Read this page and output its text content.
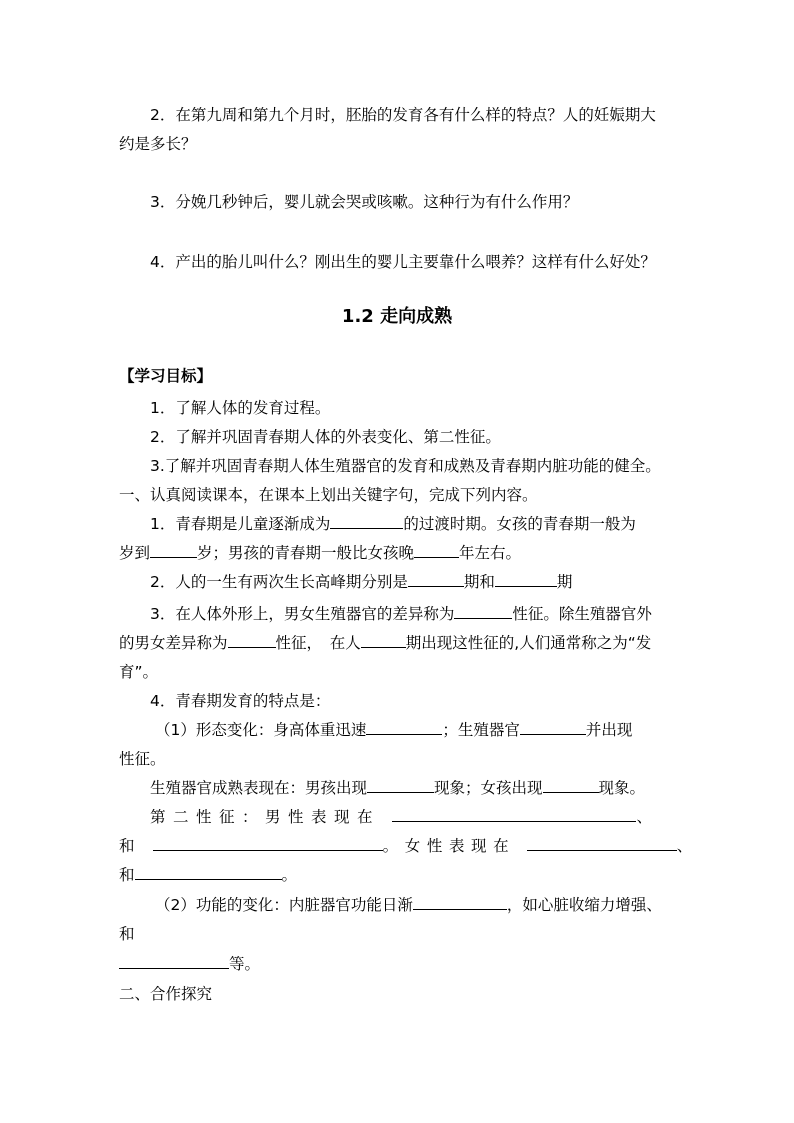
2．在第九周和第九个月时，胚胎的发育各有什么样的特点？人的妊娠期大
约是多长？
3．分娩几秒钟后，婴儿就会哭或咳嗽。这种行为有什么作用？
4．产出的胎儿叫什么？刚出生的婴儿主要靠什么喂养？这样有什么好处？
1.2 走向成熟
【学习目标】
1．了解人体的发育过程。
2．了解并巩固青春期人体的外表变化、第二性征。
3.了解并巩固青春期人体生殖器官的发育和成熟及青春期内脏功能的健全。
一、认真阅读课本，在课本上划出关键字句，完成下列内容。
1．青春期是儿童逐渐成为	的过渡时期。女孩的青春期一般为
岁到	岁；男孩的青春期一般比女孩晚	年左右。
2．人的一生有两次生长高峰期分别是	期和	期
3．在人体外形上，男女生殖器官的差异称为	性征。除生殖器官外
的男女差异称为	性征，　在人	期出现这性征的,人们通常称之为“发
育”。
4．青春期发育的特点是：
（1）形态变化：身高体重迅速	；生殖器官	并出现
性征。
生殖器官成熟表现在：男孩出现	现象；女孩出现	现象。
第二性征：男性表现在	、
和	。女性表现在	、
和	。
（2）功能的变化：内脏器官功能日渐	，如心脏收缩力增强、
和
等。
二、合作探究
